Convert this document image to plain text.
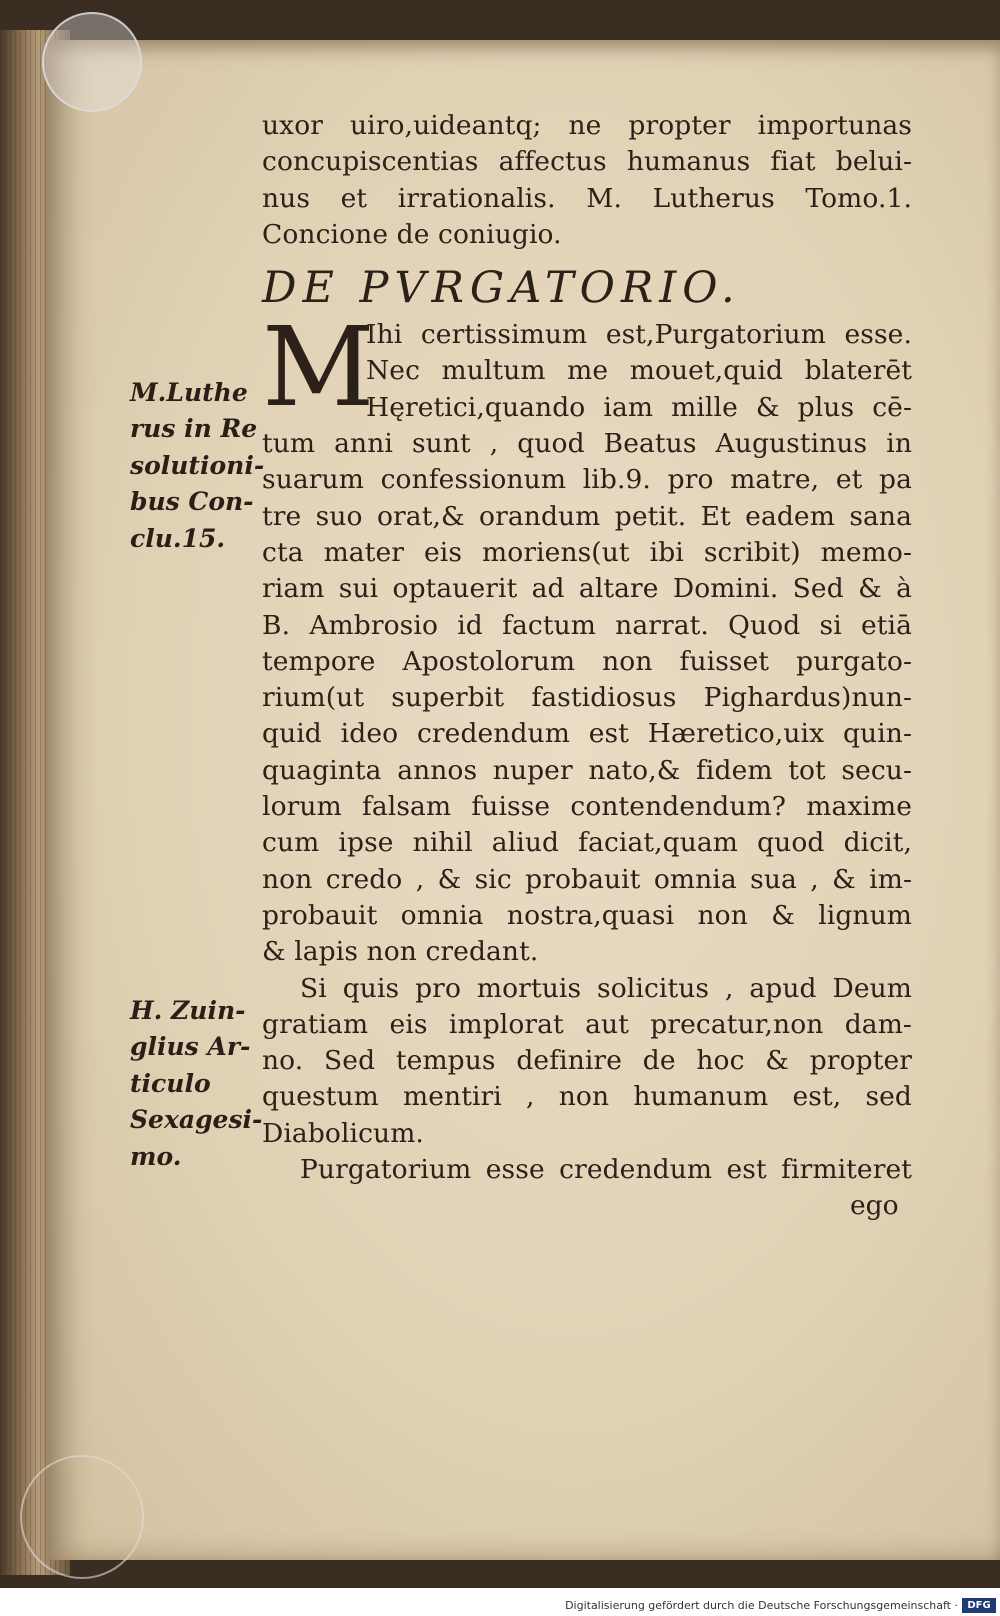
uxor uiro,uideantq; ne propter importunas
concupiscentias affectus humanus fiat belui-
nus et irrationalis. M. Lutherus Tomo.1.
Concione de coniugio.
DE PVRGATORIO.
M
Ihi certissimum est,Purgatorium esse.
Nec multum me mouet,quid blaterēt
Hęretici,quando iam mille & plus cē-
tum anni sunt , quod Beatus Augustinus in
suarum confessionum lib.9. pro matre, et pa
tre suo orat,& orandum petit. Et eadem sana
cta mater eis moriens(ut ibi scribit) memo-
riam sui optauerit ad altare Domini. Sed & à
B. Ambrosio id factum narrat. Quod si etiā
tempore Apostolorum non fuisset purgato-
rium(ut superbit fastidiosus Pighardus)nun-
quid ideo credendum est Hæretico,uix quin-
quaginta annos nuper nato,& fidem tot secu-
lorum falsam fuisse contendendum? maxime
cum ipse nihil aliud faciat,quam quod dicit,
non credo , & sic probauit omnia sua , & im-
probauit omnia nostra,quasi non & lignum
& lapis non credant.
Si quis pro mortuis solicitus , apud Deum
gratiam eis implorat aut precatur,non dam-
no. Sed tempus definire de hoc & propter
questum mentiri , non humanum est, sed
Diabolicum.
Purgatorium esse credendum est firmiteret
M.Luthe
rus in Re
solutioni-
bus Con-
clu.15.
H. Zuin-
glius Ar-
ticulo
Sexagesi-
mo.
ego
Digitalisierung gefördert durch die Deutsche Forschungsgemeinschaft · DFG
